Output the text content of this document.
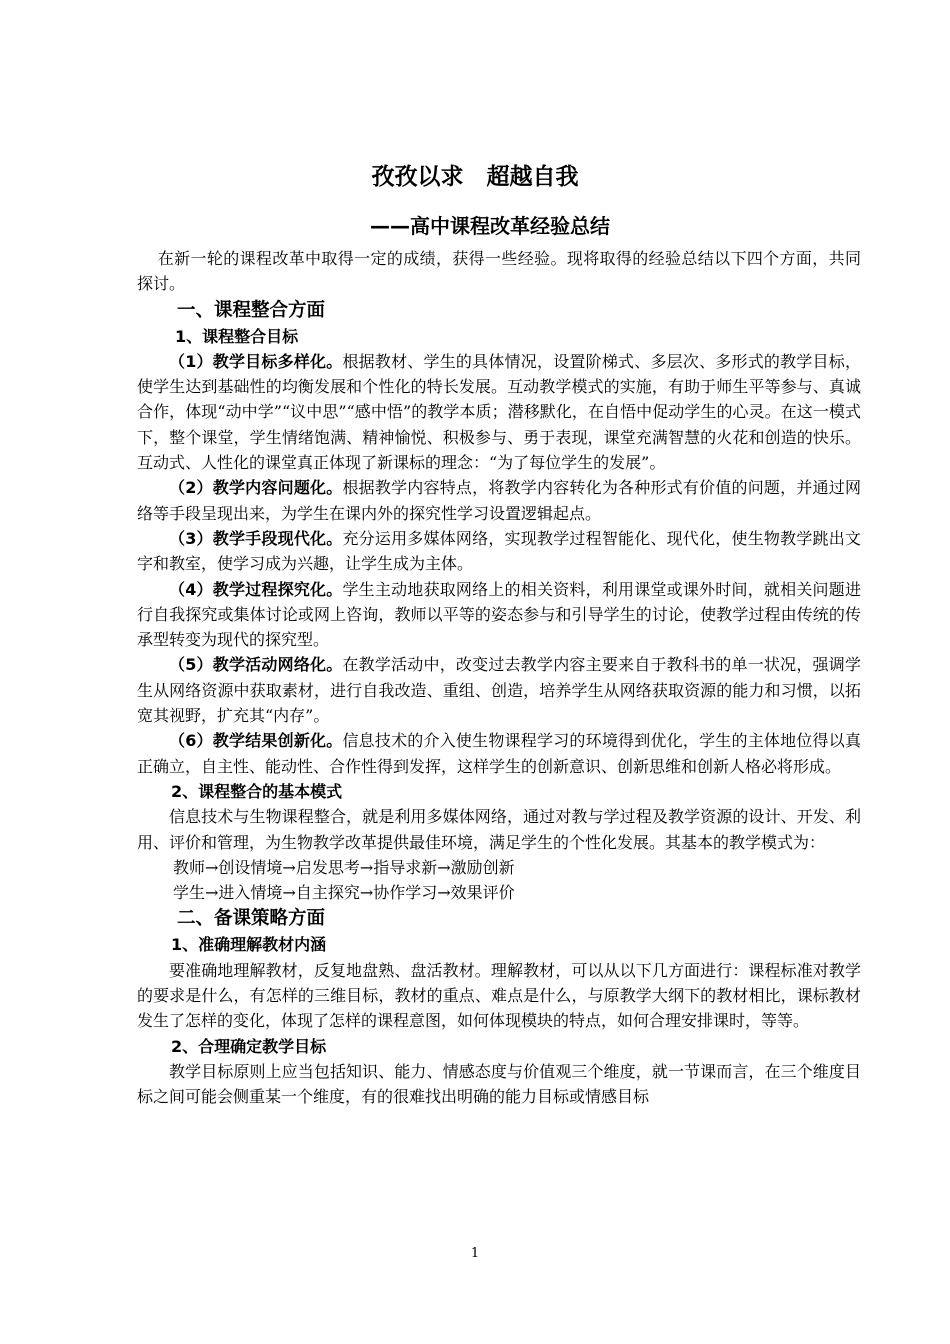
孜孜以求　超越自我
——高中课程改革经验总结

在新一轮的课程改革中取得一定的成绩，获得一些经验。现将取得的经验总结以下四个方面，共同探讨。

一、课程整合方面

1、课程整合目标

（1）教学目标多样化。根据教材、学生的具体情况，设置阶梯式、多层次、多形式的教学目标，使学生达到基础性的均衡发展和个性化的特长发展。互动教学模式的实施，有助于师生平等参与、真诚合作，体现“动中学”“议中思”“感中悟”的教学本质；潜移默化，在自悟中促动学生的心灵。在这一模式下，整个课堂，学生情绪饱满、精神愉悦、积极参与、勇于表现，课堂充满智慧的火花和创造的快乐。互动式、人性化的课堂真正体现了新课标的理念：“为了每位学生的发展”。

（2）教学内容问题化。根据教学内容特点，将教学内容转化为各种形式有价值的问题，并通过网络等手段呈现出来，为学生在课内外的探究性学习设置逻辑起点。

（3）教学手段现代化。充分运用多媒体网络，实现教学过程智能化、现代化，使生物教学跳出文字和教室，使学习成为兴趣，让学生成为主体。

（4）教学过程探究化。学生主动地获取网络上的相关资料，利用课堂或课外时间，就相关问题进行自我探究或集体讨论或网上咨询，教师以平等的姿态参与和引导学生的讨论，使教学过程由传统的传承型转变为现代的探究型。

（5）教学活动网络化。在教学活动中，改变过去教学内容主要来自于教科书的单一状况，强调学生从网络资源中获取素材，进行自我改造、重组、创造，培养学生从网络获取资源的能力和习惯，以拓宽其视野，扩充其“内存”。

（6）教学结果创新化。信息技术的介入使生物课程学习的环境得到优化，学生的主体地位得以真正确立，自主性、能动性、合作性得到发挥，这样学生的创新意识、创新思维和创新人格必将形成。

2、课程整合的基本模式

信息技术与生物课程整合，就是利用多媒体网络，通过对教与学过程及教学资源的设计、开发、利用、评价和管理，为生物教学改革提供最佳环境，满足学生的个性化发展。其基本的教学模式为：

教师→创设情境→启发思考→指导求新→激励创新

学生→进入情境→自主探究→协作学习→效果评价

二、备课策略方面

1、准确理解教材内涵

要准确地理解教材，反复地盘熟、盘活教材。理解教材，可以从以下几方面进行：课程标准对教学的要求是什么，有怎样的三维目标，教材的重点、难点是什么，与原教学大纲下的教材相比，课标教材发生了怎样的变化，体现了怎样的课程意图，如何体现模块的特点，如何合理安排课时，等等。

2、合理确定教学目标

教学目标原则上应当包括知识、能力、情感态度与价值观三个维度，就一节课而言，在三个维度目标之间可能会侧重某一个维度，有的很难找出明确的能力目标或情感目标

1
